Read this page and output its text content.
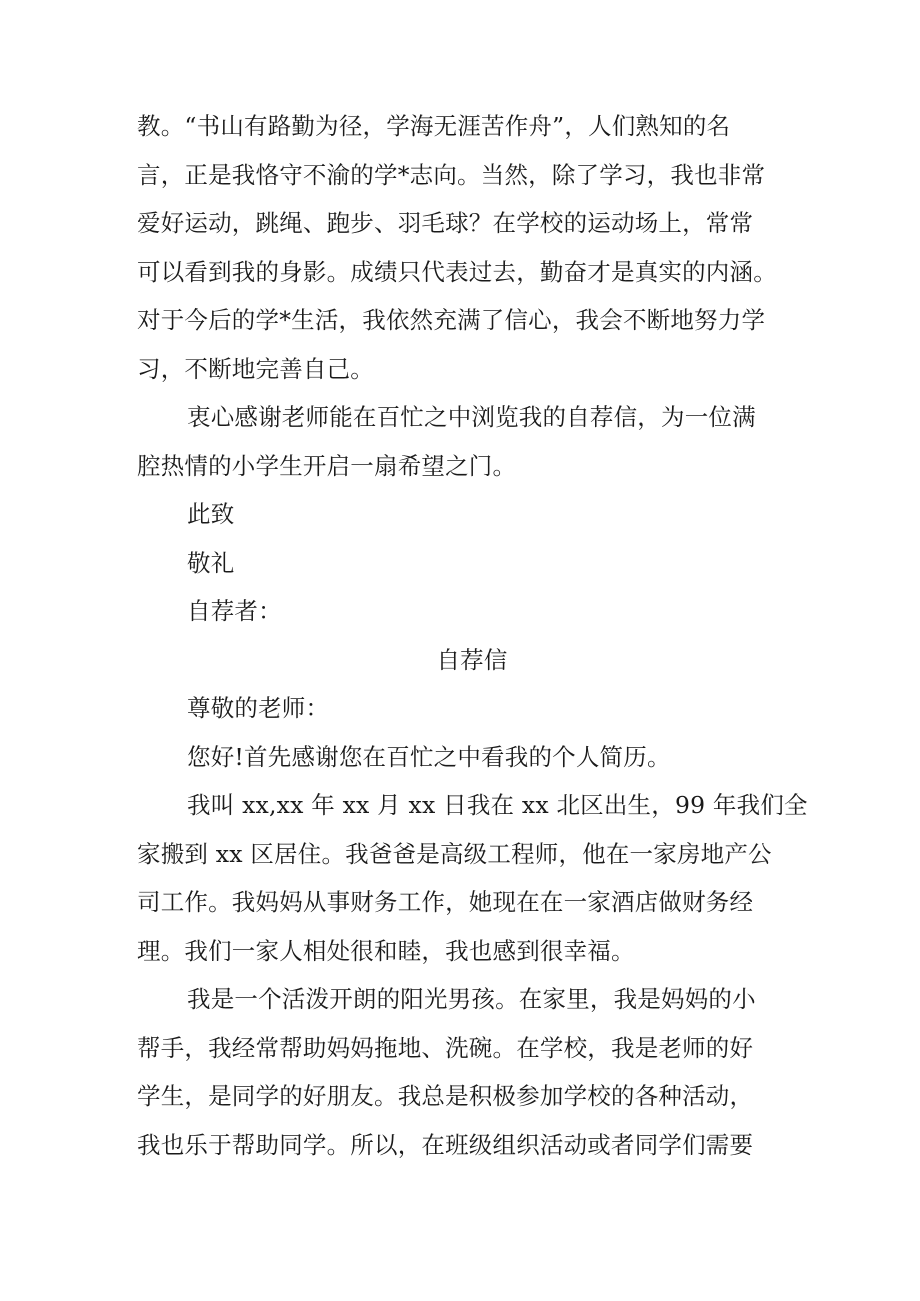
教。“书山有路勤为径，学海无涯苦作舟”，人们熟知的名
言，正是我恪守不渝的学*志向。当然，除了学习，我也非常
爱好运动，跳绳、跑步、羽毛球？在学校的运动场上，常常
可以看到我的身影。成绩只代表过去，勤奋才是真实的内涵。
对于今后的学*生活，我依然充满了信心，我会不断地努力学
习，不断地完善自己。
衷心感谢老师能在百忙之中浏览我的自荐信，为一位满
腔热情的小学生开启一扇希望之门。
此致
敬礼
自荐者：
自荐信
尊敬的老师：
您好!首先感谢您在百忙之中看我的个人简历。
我叫 xx,xx 年 xx 月 xx 日我在 xx 北区出生，99 年我们全
家搬到 xx 区居住。我爸爸是高级工程师，他在一家房地产公
司工作。我妈妈从事财务工作，她现在在一家酒店做财务经
理。我们一家人相处很和睦，我也感到很幸福。
我是一个活泼开朗的阳光男孩。在家里，我是妈妈的小
帮手，我经常帮助妈妈拖地、洗碗。在学校，我是老师的好
学生，是同学的好朋友。我总是积极参加学校的各种活动，
我也乐于帮助同学。所以，在班级组织活动或者同学们需要
